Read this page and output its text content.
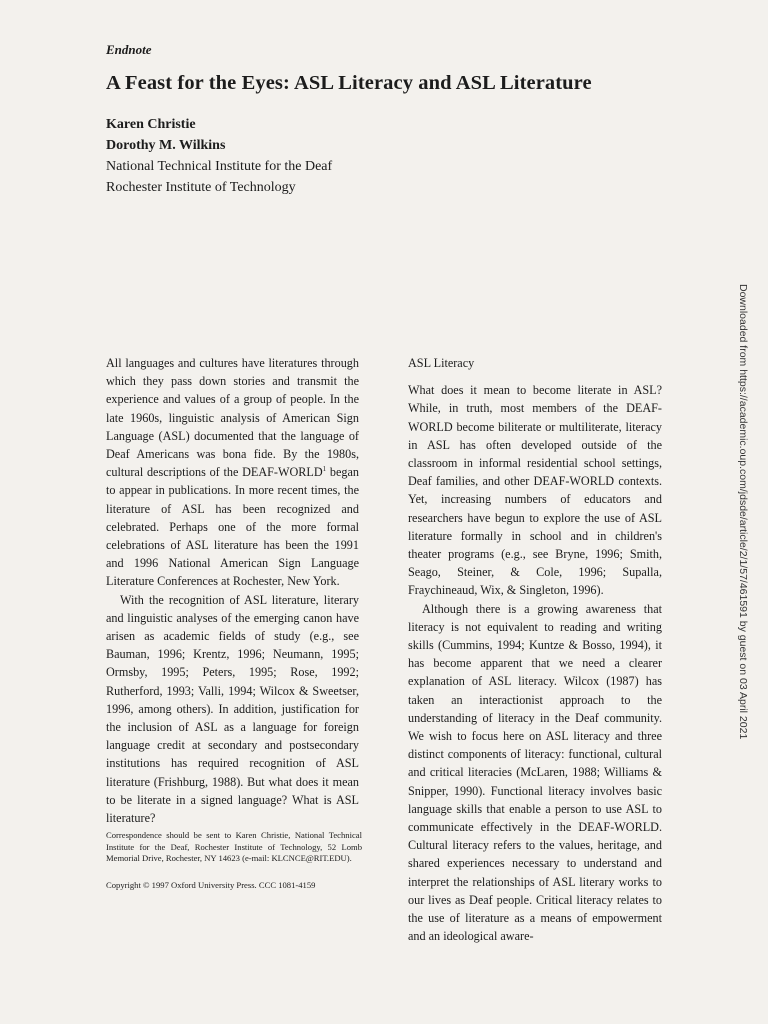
Endnote
A Feast for the Eyes: ASL Literacy and ASL Literature
Karen Christie
Dorothy M. Wilkins
National Technical Institute for the Deaf
Rochester Institute of Technology

All languages and cultures have literatures through which they pass down stories and transmit the experience and values of a group of people. In the late 1960s, linguistic analysis of American Sign Language (ASL) documented that the language of Deaf Americans was bona fide. By the 1980s, cultural descriptions of the DEAF-WORLD$^1$ began to appear in publications. In more recent times, the literature of ASL has been recognized and celebrated. Perhaps one of the more formal celebrations of ASL literature has been the 1991 and 1996 National American Sign Language Literature Conferences at Rochester, New York.

With the recognition of ASL literature, literary and linguistic analyses of the emerging canon have arisen as academic fields of study (e.g., see Bauman, 1996; Krentz, 1996; Neumann, 1995; Ormsby, 1995; Peters, 1995; Rose, 1992; Rutherford, 1993; Valli, 1994; Wilcox & Sweetser, 1996, among others). In addition, justification for the inclusion of ASL as a language for foreign language credit at secondary and postsecondary institutions has required recognition of ASL literature (Frishburg, 1988). But what does it mean to be literate in a signed language? What is ASL literature?

ASL Literacy

What does it mean to become literate in ASL? While, in truth, most members of the DEAF-WORLD become biliterate or multiliterate, literacy in ASL has often developed outside of the classroom in informal residential school settings, Deaf families, and other DEAF-WORLD contexts. Yet, increasing numbers of educators and researchers have begun to explore the use of ASL literature formally in school and in children's theater programs (e.g., see Bryne, 1996; Smith, Seago, Steiner, & Cole, 1996; Supalla, Fraychineaud, Wix, & Singleton, 1996).

Although there is a growing awareness that literacy is not equivalent to reading and writing skills (Cummins, 1994; Kuntze & Bosso, 1994), it has become apparent that we need a clearer explanation of ASL literacy. Wilcox (1987) has taken an interactionist approach to the understanding of literacy in the Deaf community. We wish to focus here on ASL literacy and three distinct components of literacy: functional, cultural and critical literacies (McLaren, 1988; Williams & Snipper, 1990). Functional literacy involves basic language skills that enable a person to use ASL to communicate effectively in the DEAF-WORLD. Cultural literacy refers to the values, heritage, and shared experiences necessary to understand and interpret the relationships of ASL literary works to our lives as Deaf people. Critical literacy relates to the use of literature as a means of empowerment and an ideological aware-

Correspondence should be sent to Karen Christie, National Technical Institute for the Deaf, Rochester Institute of Technology, 52 Lomb Memorial Drive, Rochester, NY 14623 (e-mail: KLCNCE@RIT.EDU).

Copyright © 1997 Oxford University Press. CCC 1081-4159
Downloaded from https://academic.oup.com/jdsde/article/2/1/57/461591 by guest on 03 April 2021
